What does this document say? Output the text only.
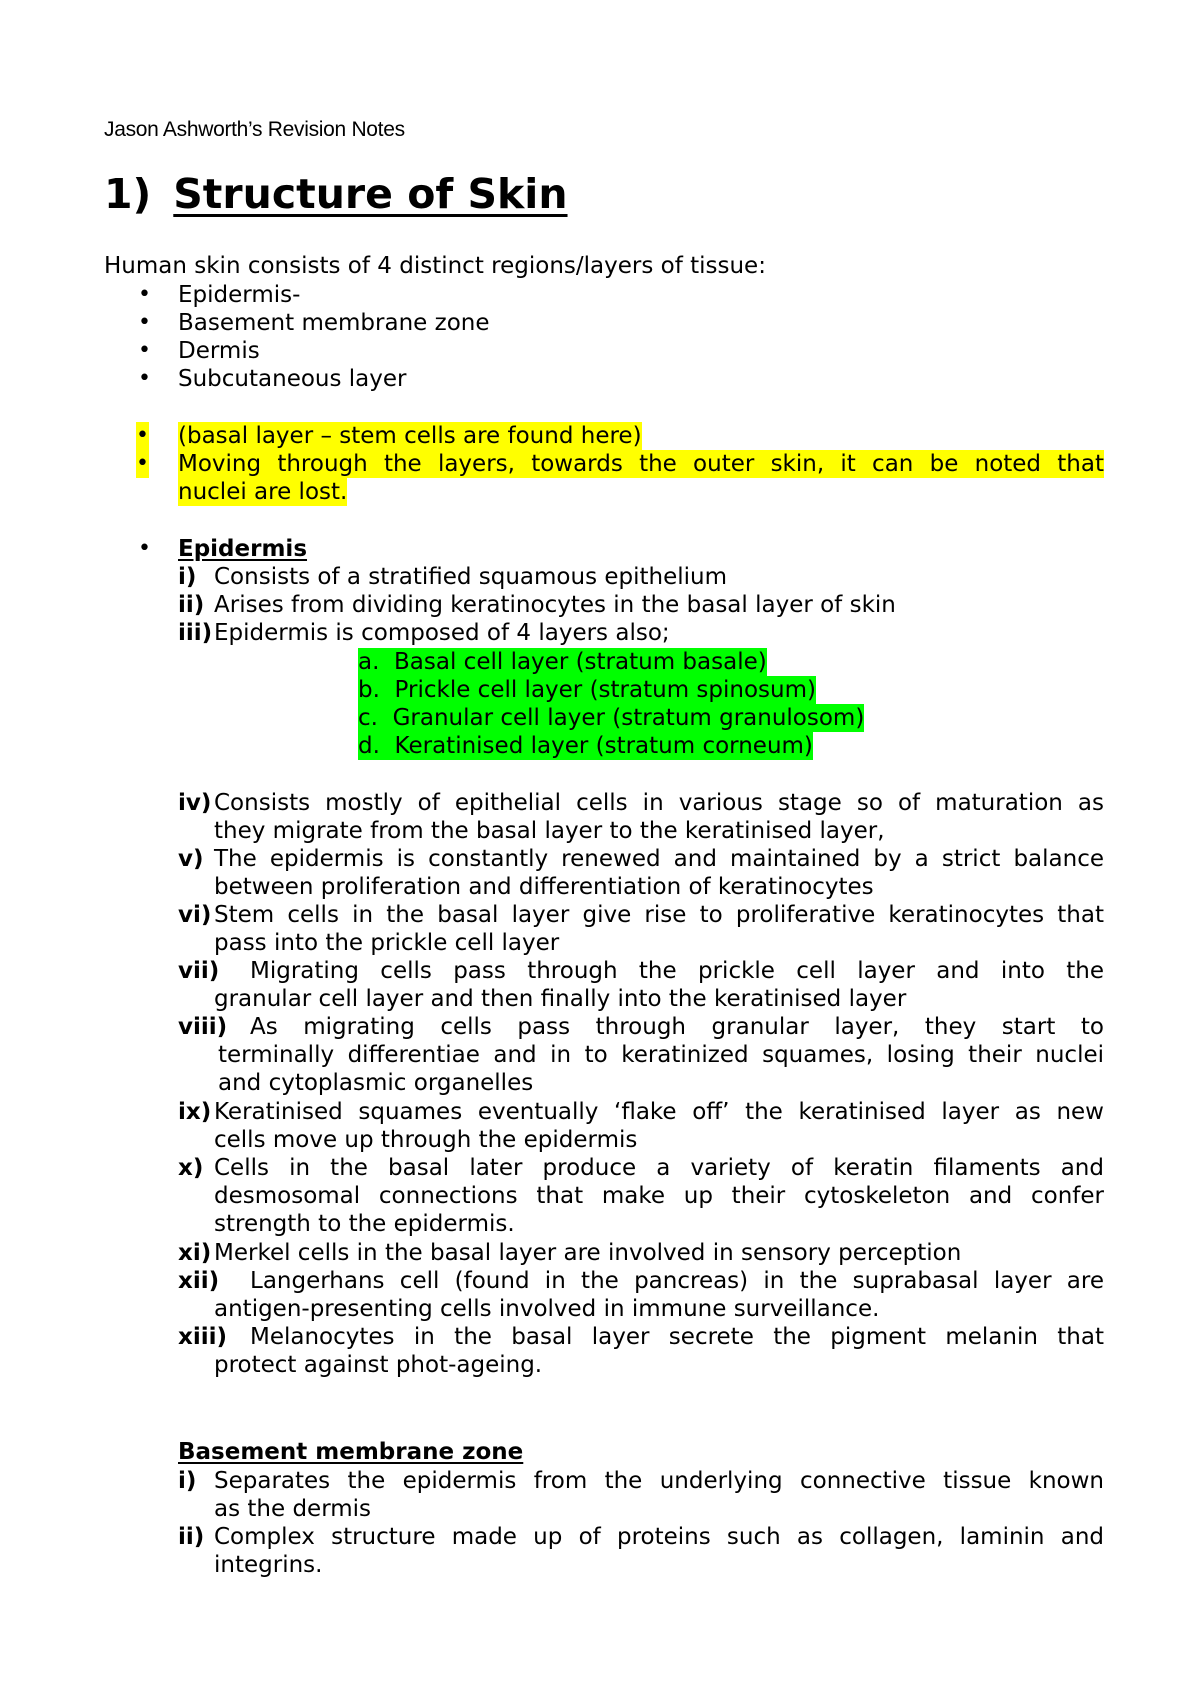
Jason Ashworth’s Revision Notes
1) Structure of Skin
Human skin consists of 4 distinct regions/layers of tissue:
• Epidermis-
• Basement membrane zone
• Dermis
• Subcutaneous layer
• (basal layer – stem cells are found here)
• Moving through the layers, towards the outer skin, it can be noted that
nuclei are lost.
• Epidermis
i) Consists of a stratified squamous epithelium
ii) Arises from dividing keratinocytes in the basal layer of skin
iii) Epidermis is composed of 4 layers also;
a. Basal cell layer (stratum basale)
b. Prickle cell layer (stratum spinosum)
c. Granular cell layer (stratum granulosom)
d. Keratinised layer (stratum corneum)
iv) Consists mostly of epithelial cells in various stage so of maturation as
they migrate from the basal layer to the keratinised layer,
v) The epidermis is constantly renewed and maintained by a strict balance
between proliferation and differentiation of keratinocytes
vi) Stem cells in the basal layer give rise to proliferative keratinocytes that
pass into the prickle cell layer
vii) Migrating cells pass through the prickle cell layer and into the
granular cell layer and then finally into the keratinised layer
viii) As migrating cells pass through granular layer, they start to
terminally differentiae and in to keratinized squames, losing their nuclei
and cytoplasmic organelles
ix) Keratinised squames eventually ‘flake off’ the keratinised layer as new
cells move up through the epidermis
x) Cells in the basal later produce a variety of keratin filaments and
desmosomal connections that make up their cytoskeleton and confer
strength to the epidermis.
xi) Merkel cells in the basal layer are involved in sensory perception
xii) Langerhans cell (found in the pancreas) in the suprabasal layer are
antigen-presenting cells involved in immune surveillance.
xiii) Melanocytes in the basal layer secrete the pigment melanin that
protect against phot-ageing.
Basement membrane zone
i) Separates the epidermis from the underlying connective tissue known
as the dermis
ii) Complex structure made up of proteins such as collagen, laminin and
integrins.
